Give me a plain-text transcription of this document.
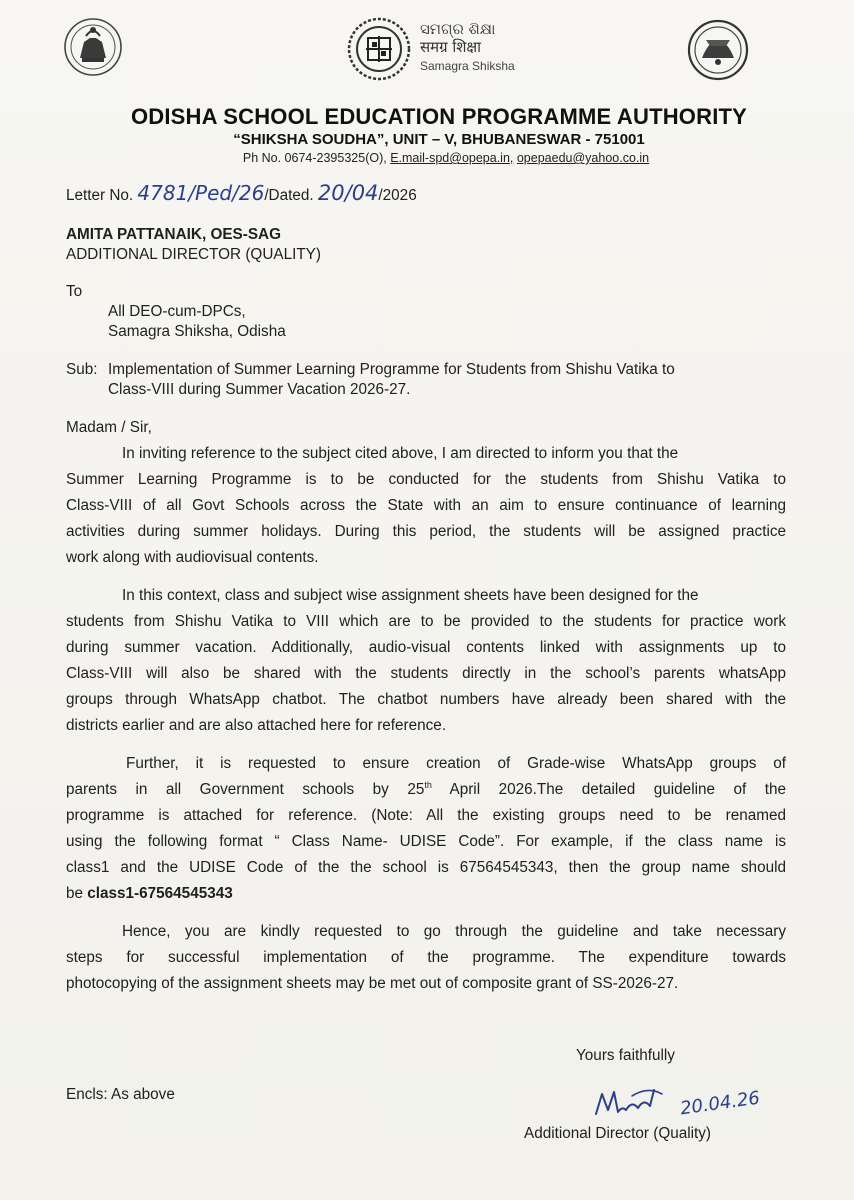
ସମଗ୍ର ଶିକ୍ଷା
समग्र शिक्षा
Samagra Shiksha
ODISHA SCHOOL EDUCATION PROGRAMME AUTHORITY
“SHIKSHA SOUDHA”, UNIT – V, BHUBANESWAR - 751001
Ph No. 0674-2395325(O), E.mail-spd@opepa.in, opepaedu@yahoo.co.in
Letter No. 4781/Ped/26/Dated. 20/04/2026
AMITA PATTANAIK, OES-SAG
ADDITIONAL DIRECTOR (QUALITY)
To
All DEO-cum-DPCs,
Samagra Shiksha, Odisha
Sub: Implementation of Summer Learning Programme for Students from Shishu Vatika to
Class-VIII during Summer Vacation 2026-27.
Madam / Sir,
In inviting reference to the subject cited above, I am directed to inform you that the
Summer Learning Programme is to be conducted for the students from Shishu Vatika to
Class-VIII of all Govt Schools across the State with an aim to ensure continuance of learning
activities during summer holidays. During this period, the students will be assigned practice
work along with audiovisual contents.
In this context, class and subject wise assignment sheets have been designed for the
students from Shishu Vatika to VIII which are to be provided to the students for practice work
during summer vacation. Additionally, audio-visual contents linked with assignments up to
Class-VIII will also be shared with the students directly in the school’s parents whatsApp
groups through WhatsApp chatbot. The chatbot numbers have already been shared with the
districts earlier and are also attached here for reference.
Further, it is requested to ensure creation of Grade-wise WhatsApp groups of
parents in all Government schools by 25th April 2026.The detailed guideline of the
programme is attached for reference. (Note: All the existing groups need to be renamed
using the following format “ Class Name- UDISE Code”. For example, if the class name is
class1 and the UDISE Code of the the school is 67564545343, then the group name should
be class1-67564545343
Hence, you are kindly requested to go through the guideline and take necessary
steps for successful implementation of the programme. The expenditure towards
photocopying of the assignment sheets may be met out of composite grant of SS-2026-27.
Yours faithfully
Encls: As above	20.04.26
Additional Director (Quality)
